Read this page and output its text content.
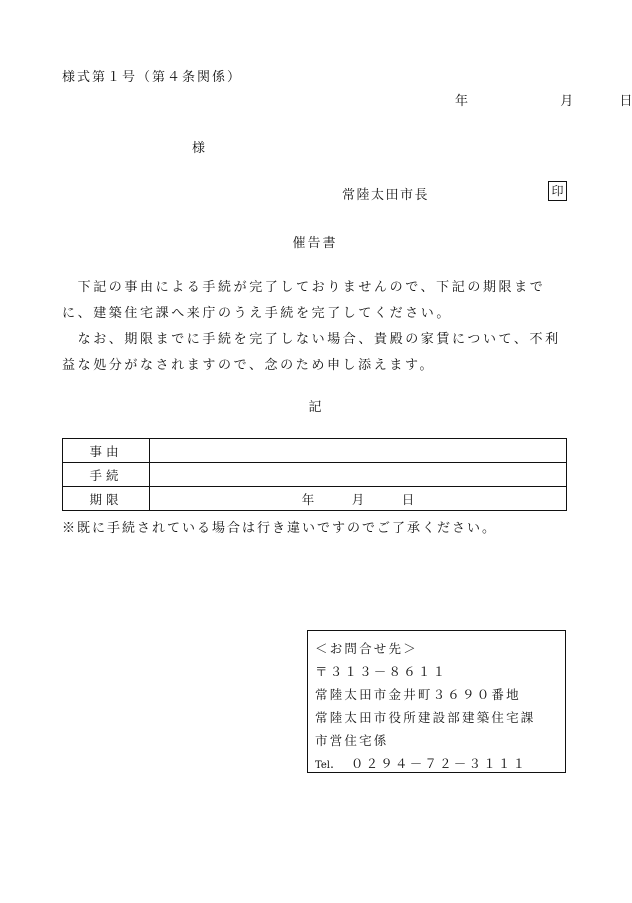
様式第１号（第４条関係）
年	月	日
様
常陸太田市長	印
催告書

　下記の事由による手続が完了しておりませんので、下記の期限までに、建築住宅課へ来庁のうえ手続を完了してください。

　なお、期限までに手続を完了しない場合、貴殿の家賃について、不利益な処分がなされますので、念のため申し添えます。

記
事由	
手続	
期限	年　　　月　　　日
※既に手続されている場合は行き違いですのでご了承ください。
＜お問合せ先＞
〒３１３－８６１１
常陸太田市金井町３６９０番地
常陸太田市役所建設部建築住宅課
市営住宅係
Tel.　０２９４－７２－３１１１
